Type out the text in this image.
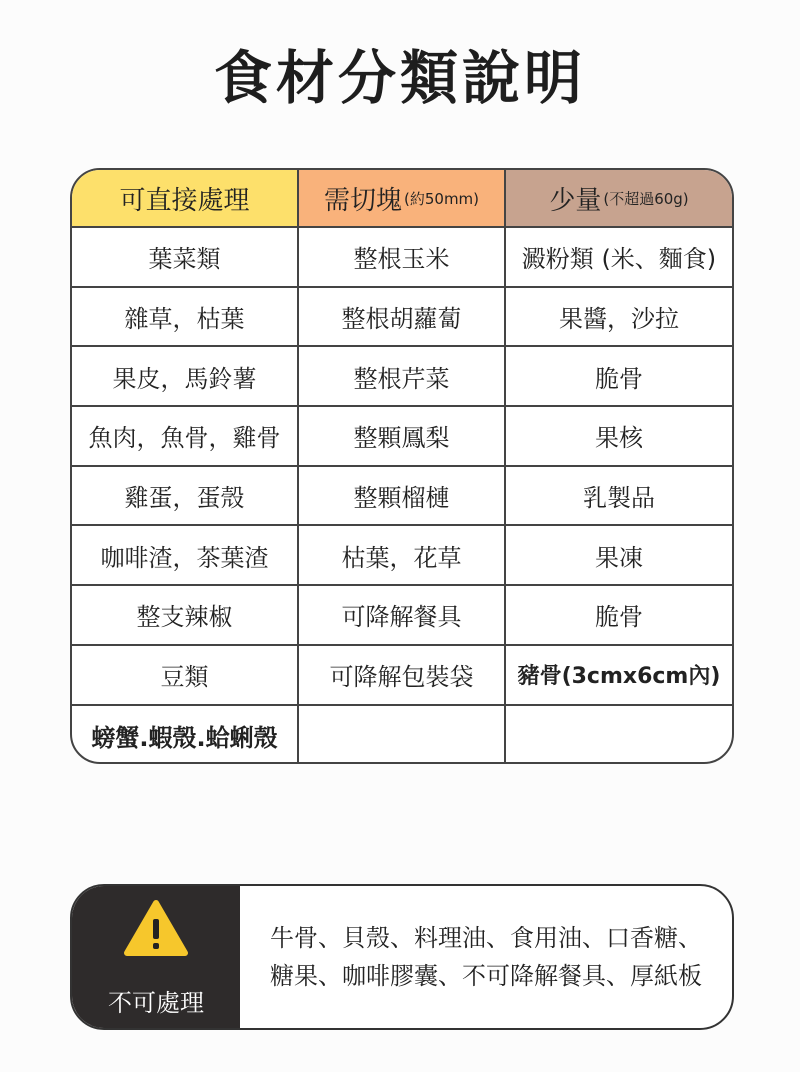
食材分類說明
可直接處理	需切塊 (約50mm)	少量 (不超過60g)
葉菜類	整根玉米	澱粉類 (米、麵食)
雜草，枯葉	整根胡蘿蔔	果醬，沙拉
果皮，馬鈴薯	整根芹菜	脆骨
魚肉，魚骨，雞骨	整顆鳳梨	果核
雞蛋，蛋殼	整顆榴槤	乳製品
咖啡渣，茶葉渣	枯葉，花草	果凍
整支辣椒	可降解餐具	脆骨
豆類	可降解包裝袋	豬骨(3cmx6cm內)
螃蟹.蝦殼.蛤蜊殼
不可處理
牛骨、貝殼、料理油、食用油、口香糖、
糖果、咖啡膠囊、不可降解餐具、厚紙板
